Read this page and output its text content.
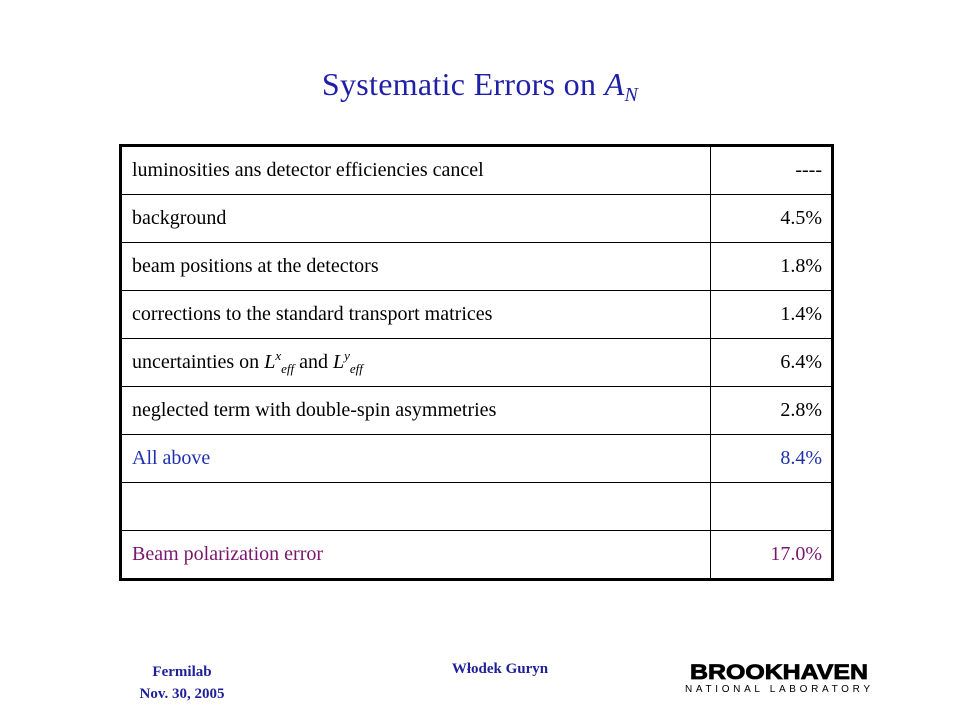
Systematic Errors on $A_N$
luminosities ans detector efficiencies cancel	----
background	4.5%
beam positions at the detectors	1.8%
corrections to the standard transport matrices	1.4%
uncertainties on $L^x_{eff}$ and $L^y_{eff}$	6.4%
neglected term with double-spin asymmetries	2.8%
All above	8.4%

Beam polarization error	17.0%
Fermilab
Nov. 30, 2005
Włodek Guryn	BROOKHAVEN
NATIONAL LABORATORY
